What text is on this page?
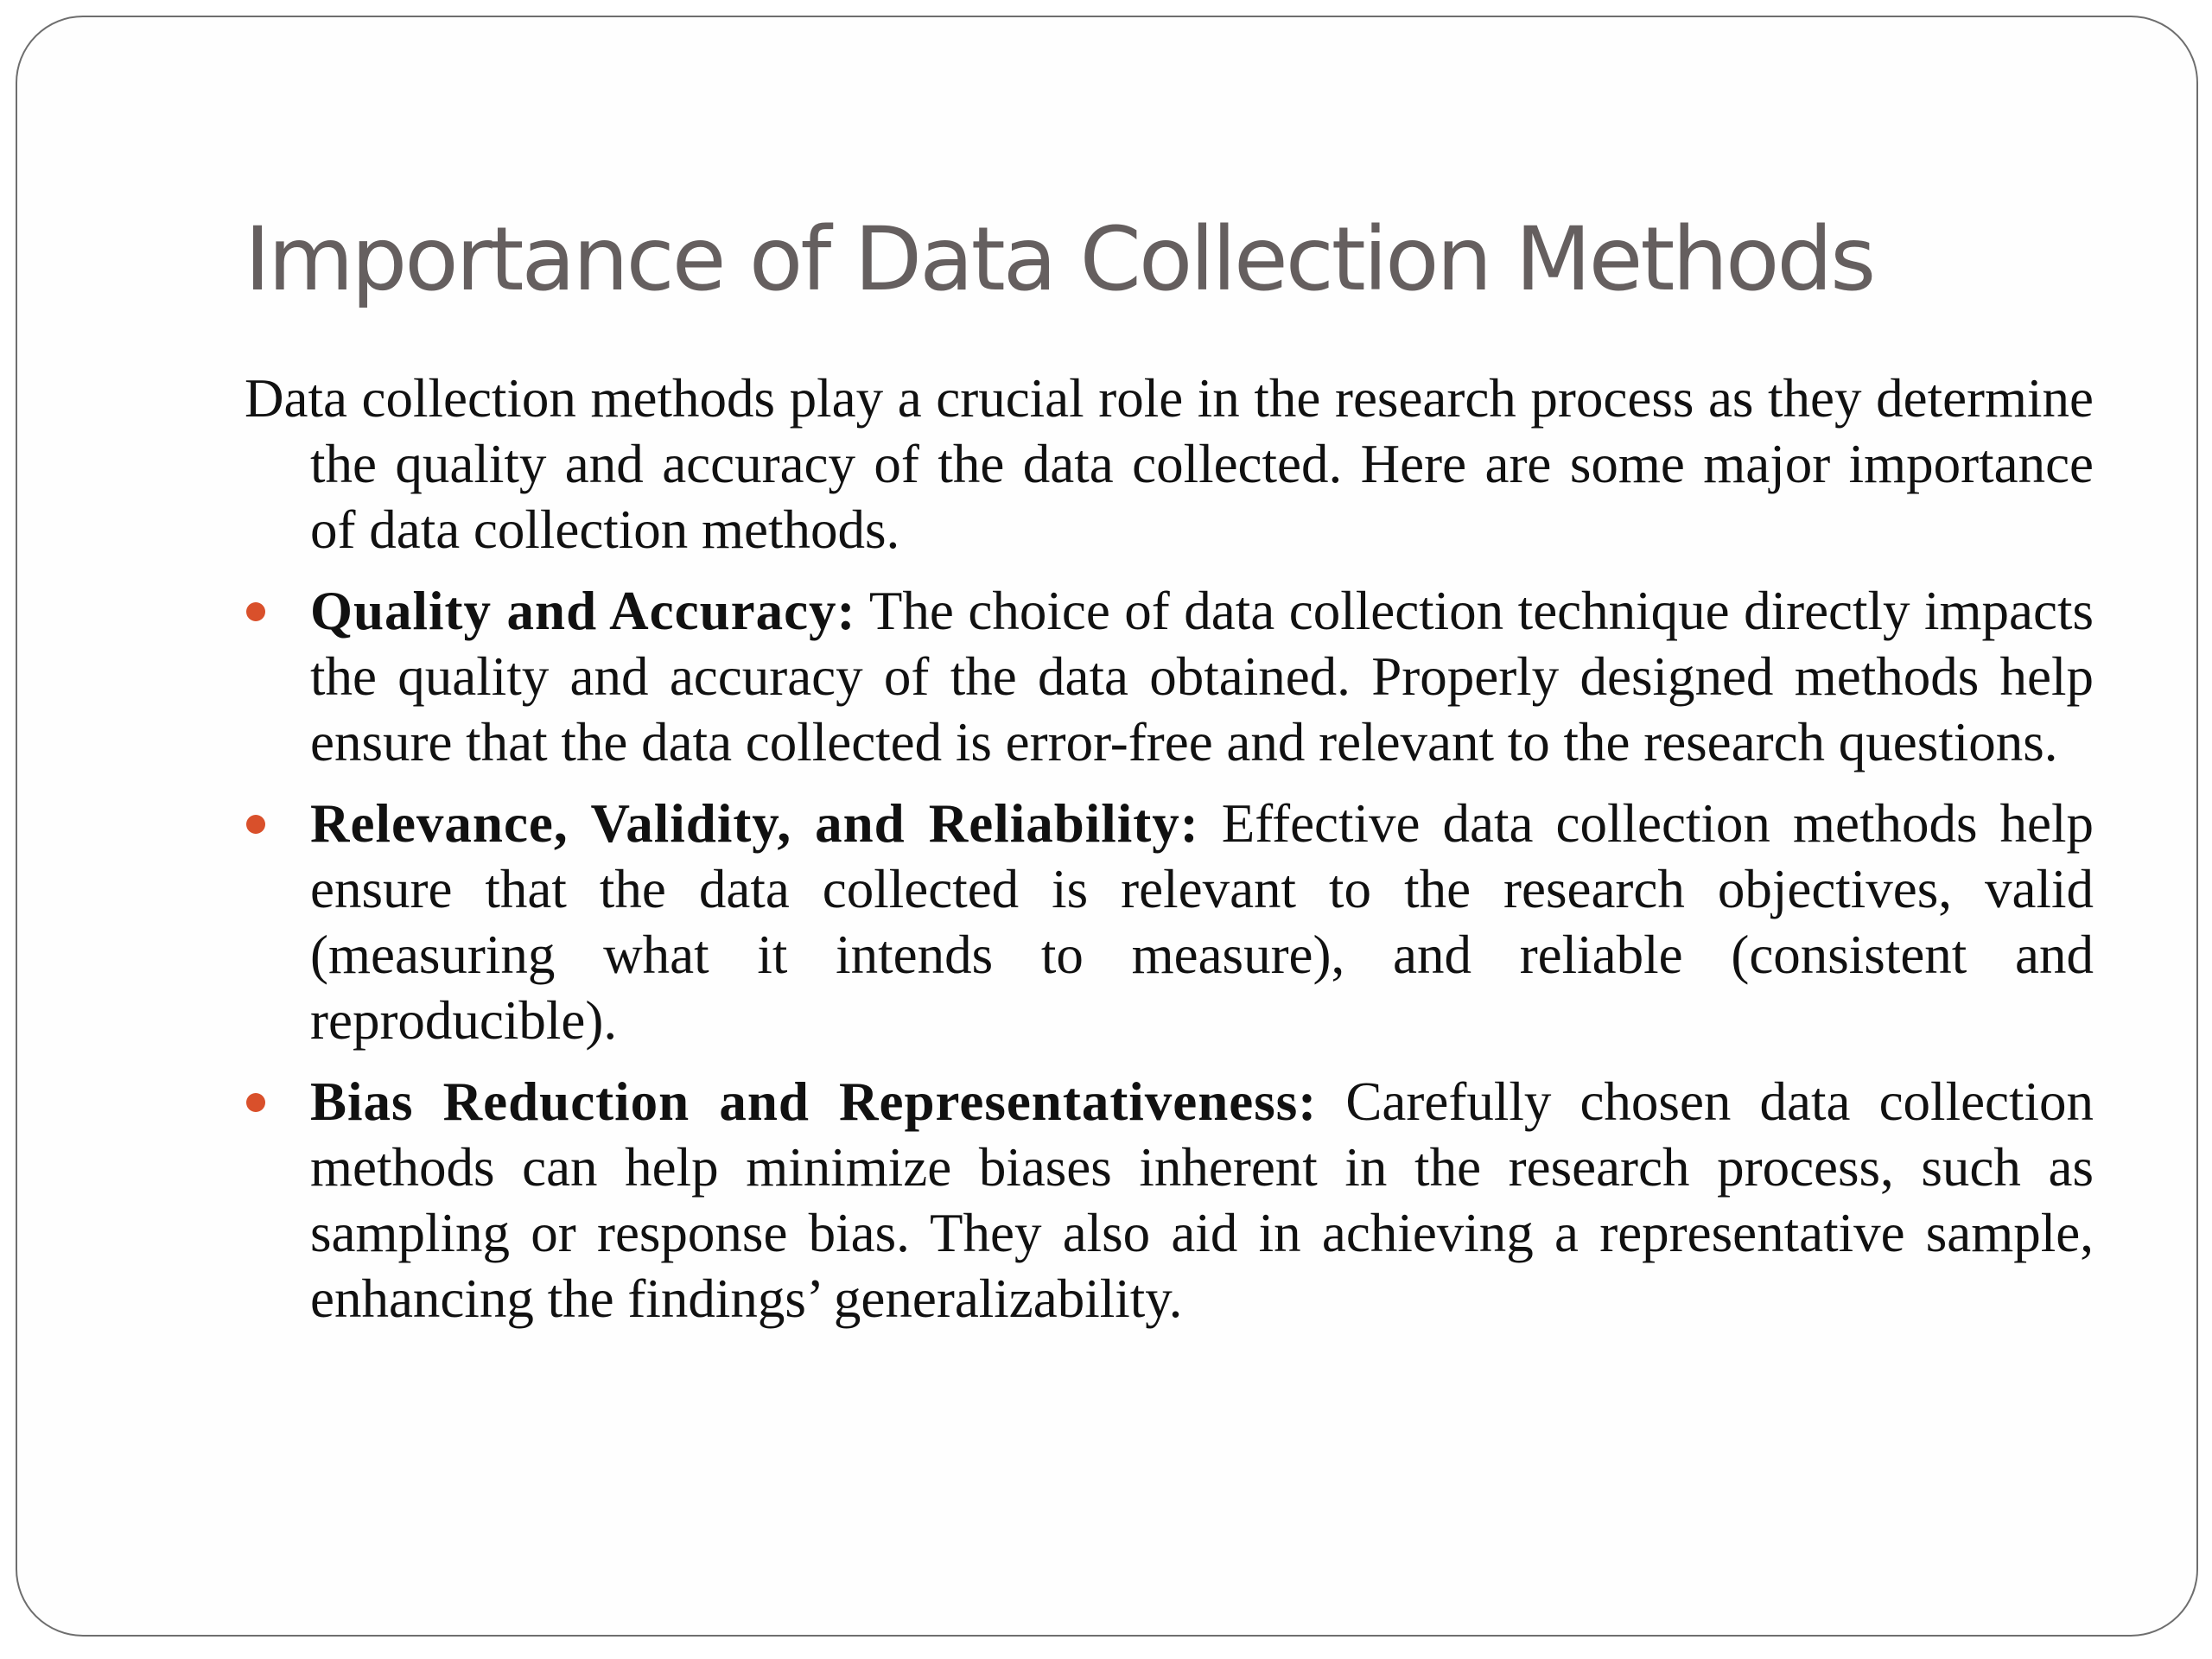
Importance of Data Collection Methods

Data collection methods play a crucial role in the research process as they determine the quality and accuracy of the data collected. Here are some major importance of data collection methods.

Quality and Accuracy: The choice of data collection technique directly impacts the quality and accuracy of the data obtained. Properly designed methods help ensure that the data collected is error-free and relevant to the research questions.
Relevance, Validity, and Reliability: Effective data collection methods help ensure that the data collected is relevant to the research objectives, valid (measuring what it intends to measure), and reliable (consistent and reproducible).
Bias Reduction and Representativeness: Carefully chosen data collection methods can help minimize biases inherent in the research process, such as sampling or response bias. They also aid in achieving a representative sample, enhancing the findings’ generalizability.
